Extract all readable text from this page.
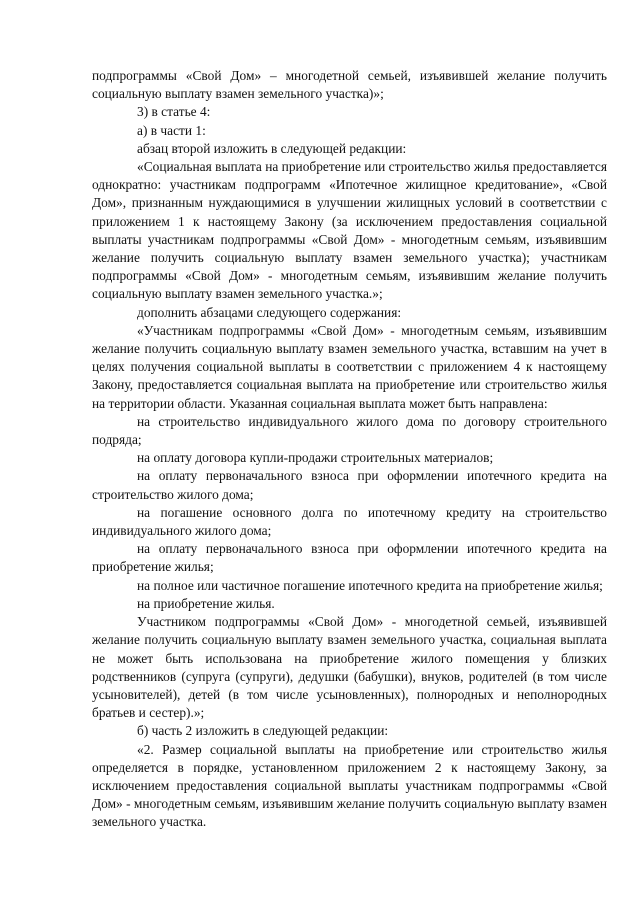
подпрограммы «Свой Дом» – многодетной семьей, изъявившей желание получить социальную выплату взамен земельного участка)»;

3) в статье 4:

а) в части 1:

абзац второй изложить в следующей редакции:

«Социальная выплата на приобретение или строительство жилья предоставляется однократно: участникам подпрограмм «Ипотечное жилищное кредитование», «Свой Дом», признанным нуждающимися в улучшении жилищных условий в соответствии с приложением 1 к настоящему Закону (за исключением предоставления социальной выплаты участникам подпрограммы «Свой Дом» - многодетным семьям, изъявившим желание получить социальную выплату взамен земельного участка); участникам подпрограммы «Свой Дом» - многодетным семьям, изъявившим желание получить социальную выплату взамен земельного участка.»;

дополнить абзацами следующего содержания:

«Участникам подпрограммы «Свой Дом» - многодетным семьям, изъявившим желание получить социальную выплату взамен земельного участка, вставшим на учет в целях получения социальной выплаты в соответствии с приложением 4 к настоящему Закону, предоставляется социальная выплата на приобретение или строительство жилья на территории области. Указанная социальная выплата может быть направлена:

на строительство индивидуального жилого дома по договору строительного подряда;

на оплату договора купли-продажи строительных материалов;

на оплату первоначального взноса при оформлении ипотечного кредита на строительство жилого дома;

на погашение основного долга по ипотечному кредиту на строительство индивидуального жилого дома;

на оплату первоначального взноса при оформлении ипотечного кредита на приобретение жилья;

на полное или частичное погашение ипотечного кредита на приобретение жилья;

на приобретение жилья.

Участником подпрограммы «Свой Дом» - многодетной семьей, изъявившей желание получить социальную выплату взамен земельного участка, социальная выплата не может быть использована на приобретение жилого помещения у близких родственников (супруга (супруги), дедушки (бабушки), внуков, родителей (в том числе усыновителей), детей (в том числе усыновленных), полнородных и неполнородных братьев и сестер).»;

б) часть 2 изложить в следующей редакции:

«2. Размер социальной выплаты на приобретение или строительство жилья определяется в порядке, установленном приложением 2 к настоящему Закону, за исключением предоставления социальной выплаты участникам подпрограммы «Свой Дом» - многодетным семьям, изъявившим желание получить социальную выплату взамен земельного участка.
